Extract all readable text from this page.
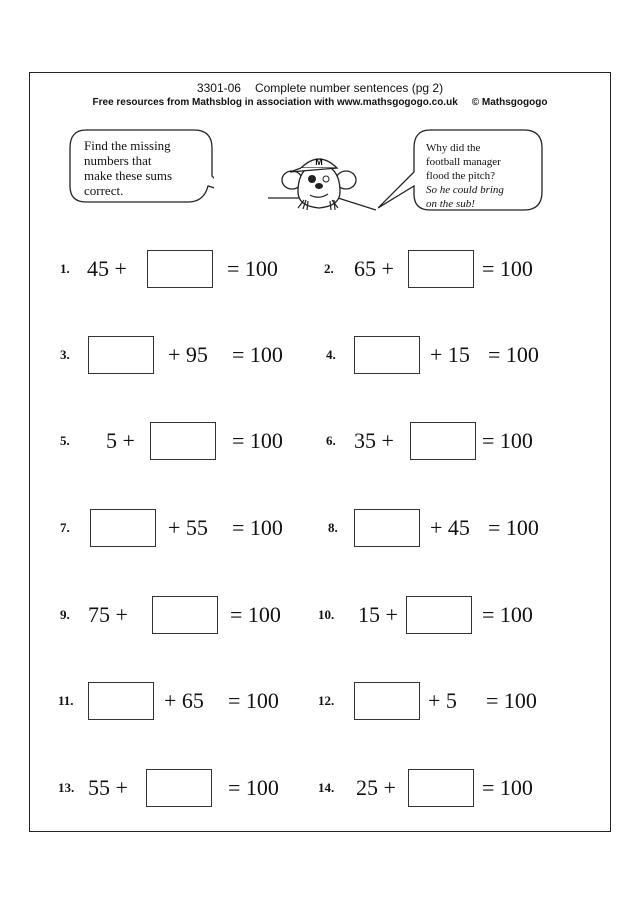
3301-06 Complete number sentences (pg 2)
Free resources from Mathsblog in association with www.mathsgogogo.co.uk © Mathsgogogo
Find the missing
numbers that
make these sums
correct.
M
Why did the
football manager
flood the pitch?
So he could bring
on the sub!
1. 45 +	= 100	2. 65 +	= 100
3.	+ 95	= 100	4.	+ 15 = 100
5.	5 +	= 100	6. 35 +	= 100
7.	+ 55	= 100	8.	+ 45 = 100
9. 75 +	= 100	10.	15 +	= 100
11.	+ 65	= 100	12.	+ 5	= 100
13. 55 +	= 100	14. 25 +	= 100
